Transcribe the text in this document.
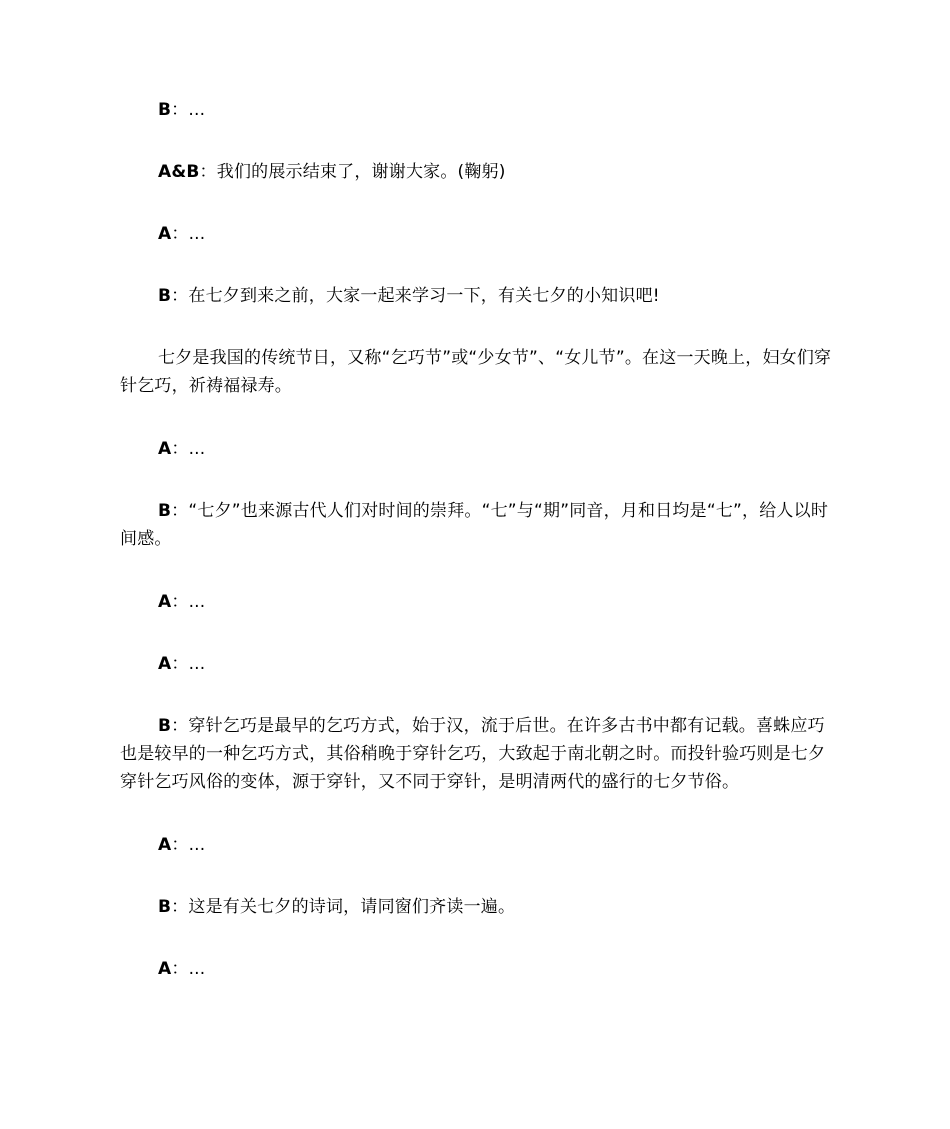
B：...

A&B：我们的展示结束了，谢谢大家。(鞠躬)

A：...

B：在七夕到来之前，大家一起来学习一下，有关七夕的小知识吧!

七夕是我国的传统节日，又称“乞巧节”或“少女节”、“女儿节”。在这一天晚上，妇女们穿针乞巧，祈祷福禄寿。

A：...

B：“七夕”也来源古代人们对时间的崇拜。“七”与“期”同音，月和日均是“七”，给人以时间感。

A：...

A：...

B：穿针乞巧是最早的乞巧方式，始于汉，流于后世。在许多古书中都有记载。喜蛛应巧也是较早的一种乞巧方式，其俗稍晚于穿针乞巧，大致起于南北朝之时。而投针验巧则是七夕穿针乞巧风俗的变体，源于穿针，又不同于穿针，是明清两代的盛行的七夕节俗。

A：...

B：这是有关七夕的诗词，请同窗们齐读一遍。

A：...
